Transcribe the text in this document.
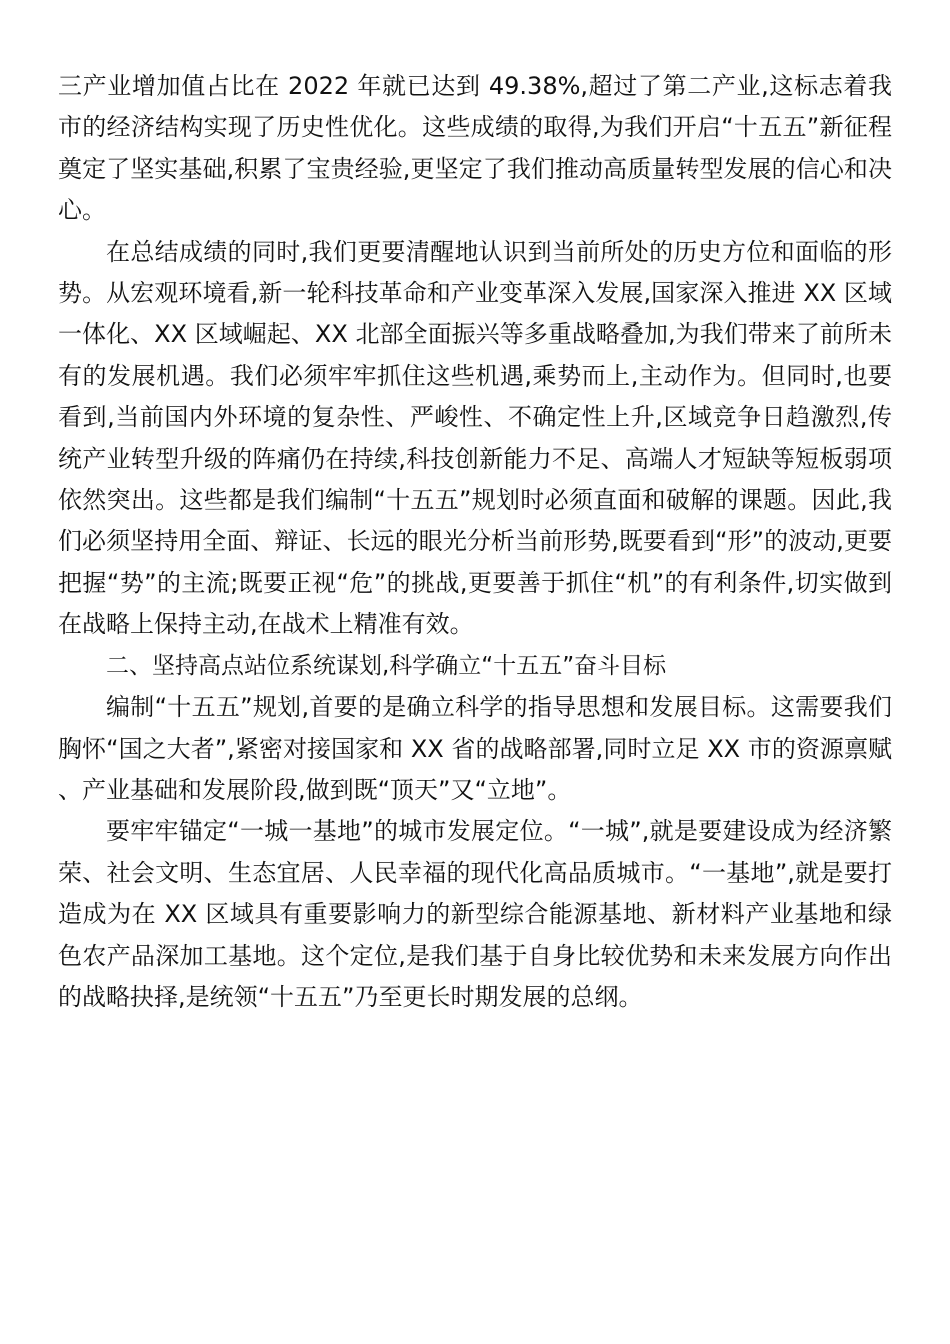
三产业增加值占比在 2022 年就已达到 49.38%,超过了第二产业,这标志着我市的经济结构实现了历史性优化。这些成绩的取得,为我们开启“十五五”新征程奠定了坚实基础,积累了宝贵经验,更坚定了我们推动高质量转型发展的信心和决心。

在总结成绩的同时,我们更要清醒地认识到当前所处的历史方位和面临的形势。从宏观环境看,新一轮科技革命和产业变革深入发展,国家深入推进 XX 区域一体化、XX 区域崛起、XX 北部全面振兴等多重战略叠加,为我们带来了前所未有的发展机遇。我们必须牢牢抓住这些机遇,乘势而上,主动作为。但同时,也要看到,当前国内外环境的复杂性、严峻性、不确定性上升,区域竞争日趋激烈,传统产业转型升级的阵痛仍在持续,科技创新能力不足、高端人才短缺等短板弱项依然突出。这些都是我们编制“十五五”规划时必须直面和破解的课题。因此,我们必须坚持用全面、辩证、长远的眼光分析当前形势,既要看到“形”的波动,更要把握“势”的主流;既要正视“危”的挑战,更要善于抓住“机”的有利条件,切实做到在战略上保持主动,在战术上精准有效。

二、坚持高点站位系统谋划,科学确立“十五五”奋斗目标

编制“十五五”规划,首要的是确立科学的指导思想和发展目标。这需要我们胸怀“国之大者”,紧密对接国家和 XX 省的战略部署,同时立足 XX 市的资源禀赋、产业基础和发展阶段,做到既“顶天”又“立地”。

要牢牢锚定“一城一基地”的城市发展定位。“一城”,就是要建设成为经济繁荣、社会文明、生态宜居、人民幸福的现代化高品质城市。“一基地”,就是要打造成为在 XX 区域具有重要影响力的新型综合能源基地、新材料产业基地和绿色农产品深加工基地。这个定位,是我们基于自身比较优势和未来发展方向作出的战略抉择,是统领“十五五”乃至更长时期发展的总纲。
